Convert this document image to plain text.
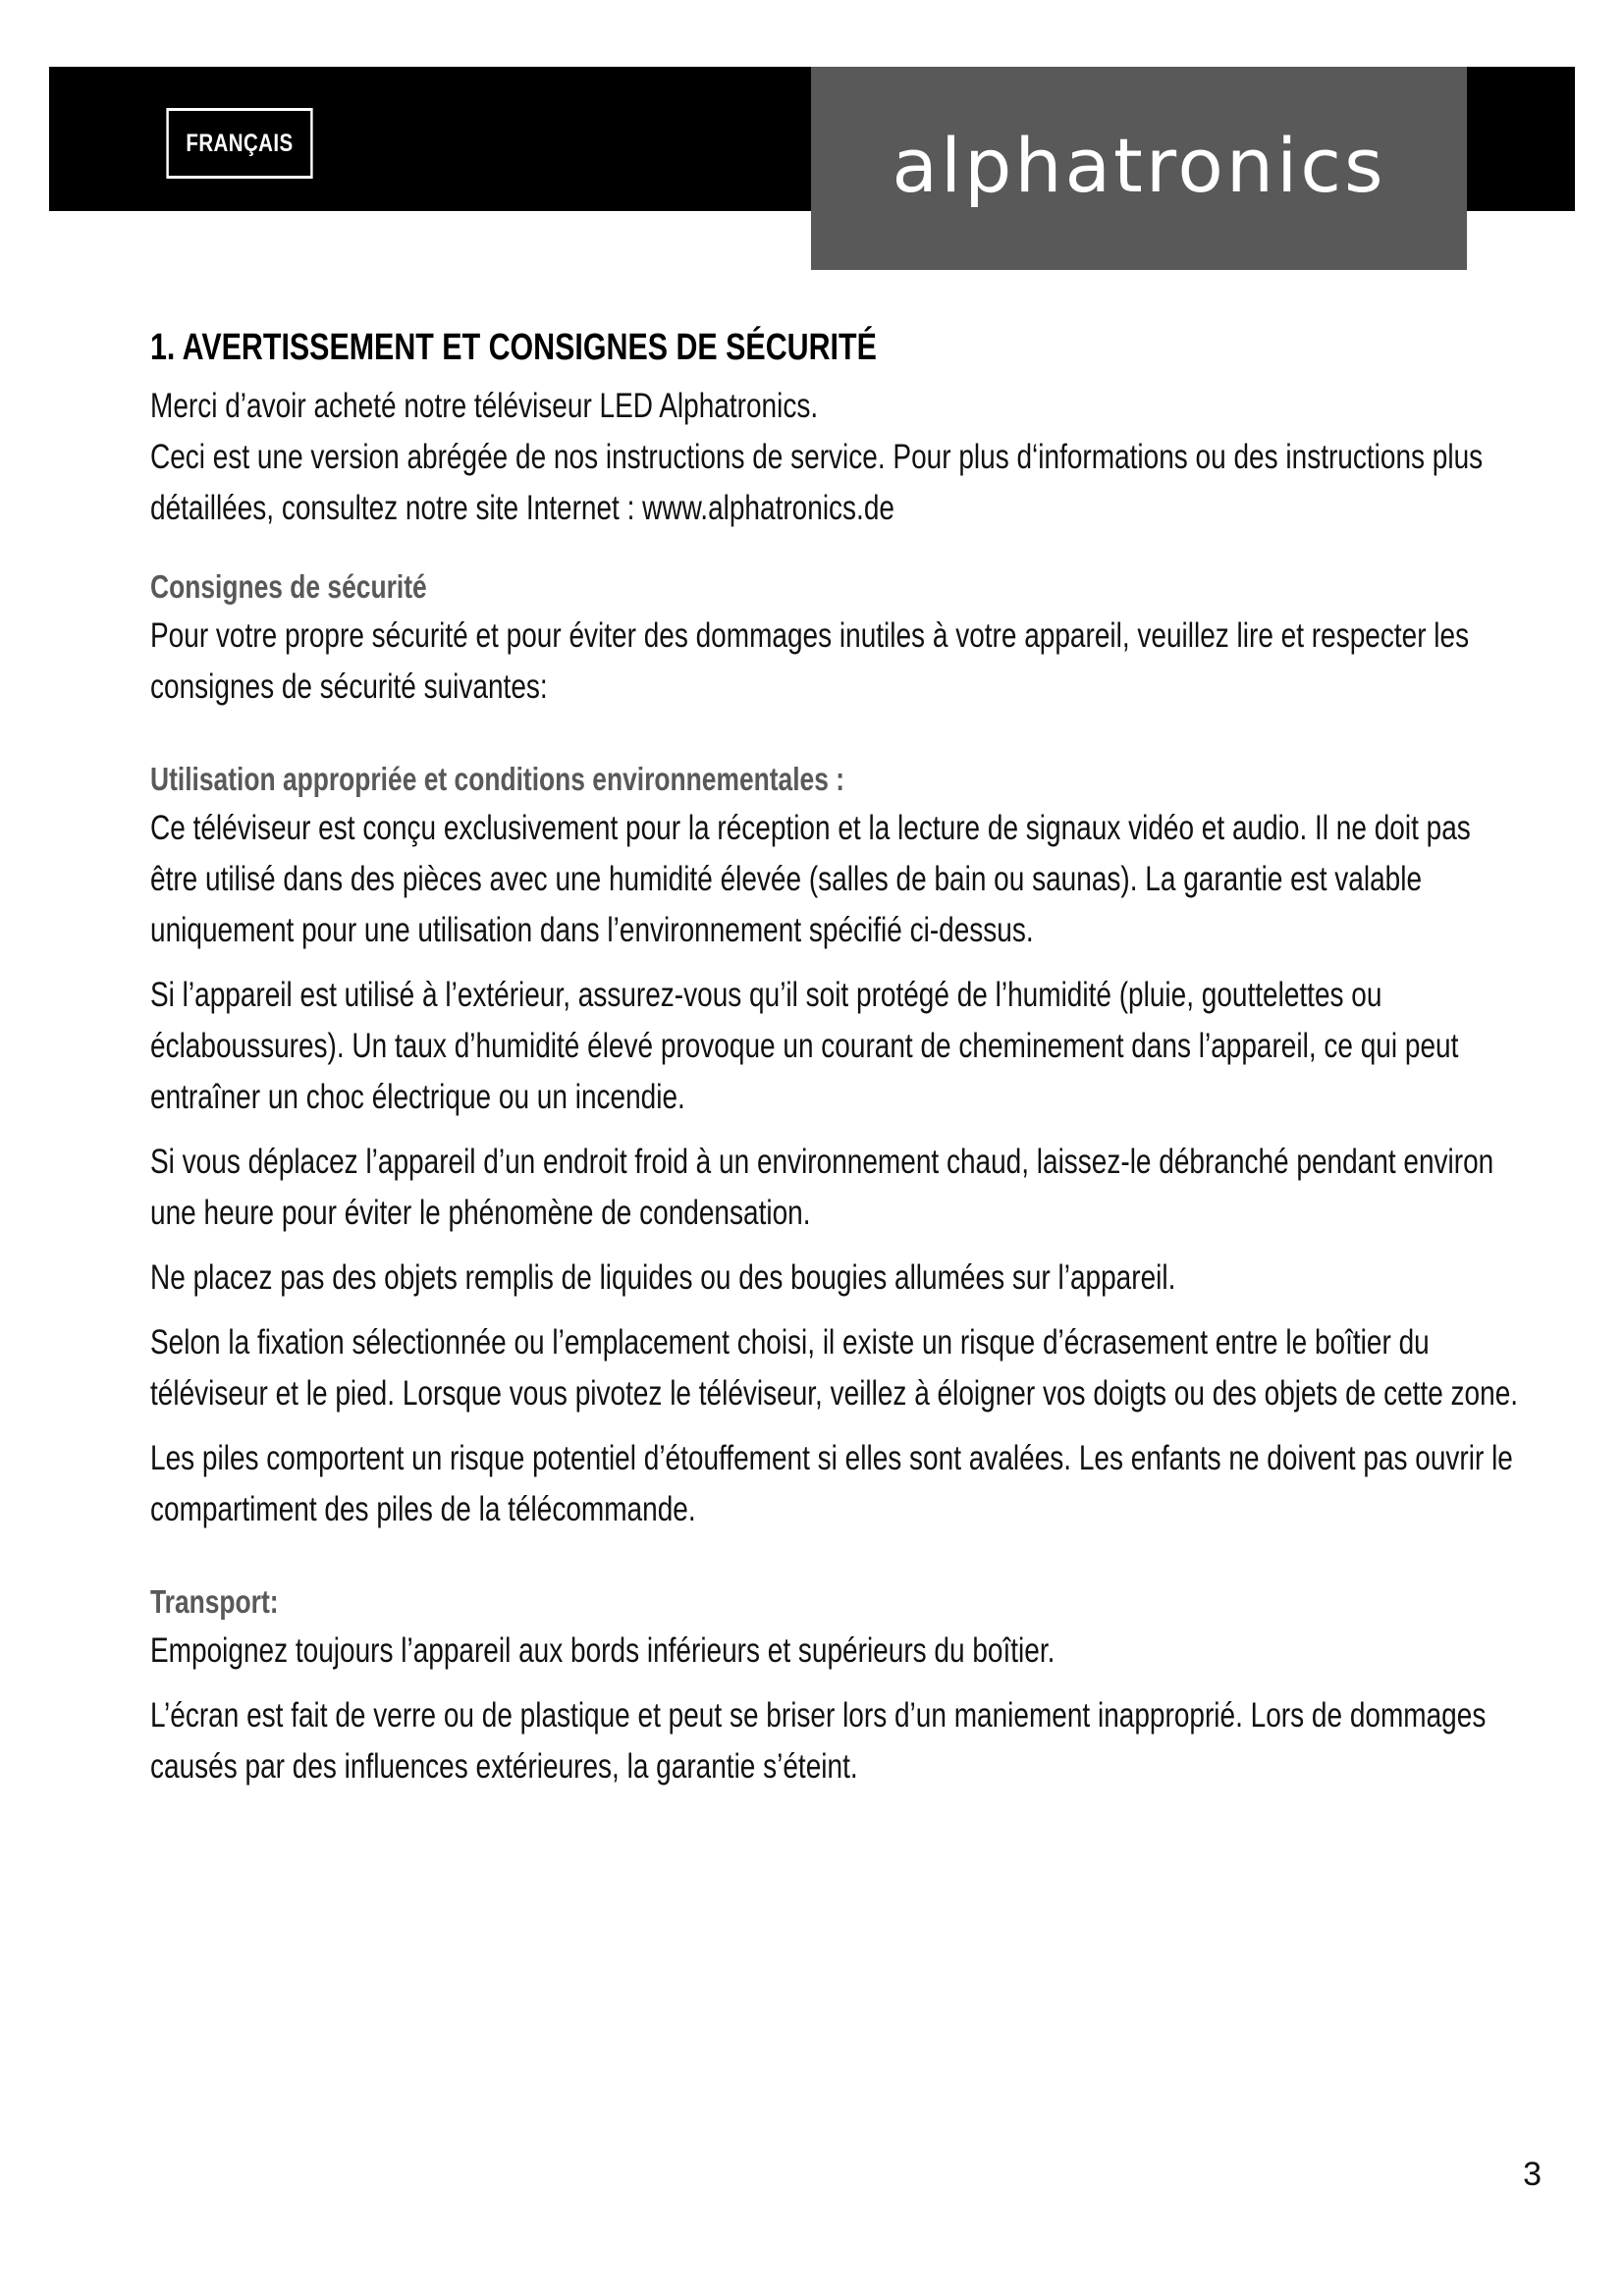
FRANÇAIS	alphatronics
1. AVERTISSEMENT ET CONSIGNES DE SÉCURITÉ

Merci d’avoir acheté notre téléviseur LED Alphatronics.

Ceci est une version abrégée de nos instructions de service. Pour plus d‘informations ou des instructions plus détaillées, consultez notre site Internet : www.alphatronics.de

Consignes de sécurité

Pour votre propre sécurité et pour éviter des dommages inutiles à votre appareil, veuillez lire et respecter les consignes de sécurité suivantes:

Utilisation appropriée et conditions environnementales :

Ce téléviseur est conçu exclusivement pour la réception et la lecture de signaux vidéo et audio. Il ne doit pas être utilisé dans des pièces avec une humidité élevée (salles de bain ou saunas). La garantie est valable uniquement pour une utilisation dans l’environnement spécifié ci-dessus.

Si l’appareil est utilisé à l’extérieur, assurez-vous qu’il soit protégé de l’humidité (pluie, gouttelettes ou éclaboussures). Un taux d’humidité élevé provoque un courant de cheminement dans l’appareil, ce qui peut entraîner un choc électrique ou un incendie.

Si vous déplacez l’appareil d’un endroit froid à un environnement chaud, laissez-le débranché pendant environ une heure pour éviter le phénomène de condensation.

Ne placez pas des objets remplis de liquides ou des bougies allumées sur l’appareil.

Selon la fixation sélectionnée ou l’emplacement choisi, il existe un risque d’écrasement entre le boîtier du téléviseur et le pied. Lorsque vous pivotez le téléviseur, veillez à éloigner vos doigts ou des objets de cette zone.

Les piles comportent un risque potentiel d’étouffement si elles sont avalées. Les enfants ne doivent pas ouvrir le compartiment des piles de la télécommande.

Transport:

Empoignez toujours l’appareil aux bords inférieurs et supérieurs du boîtier.

L’écran est fait de verre ou de plastique et peut se briser lors d’un maniement inapproprié. Lors de dommages causés par des influences extérieures, la garantie s’éteint.

3
